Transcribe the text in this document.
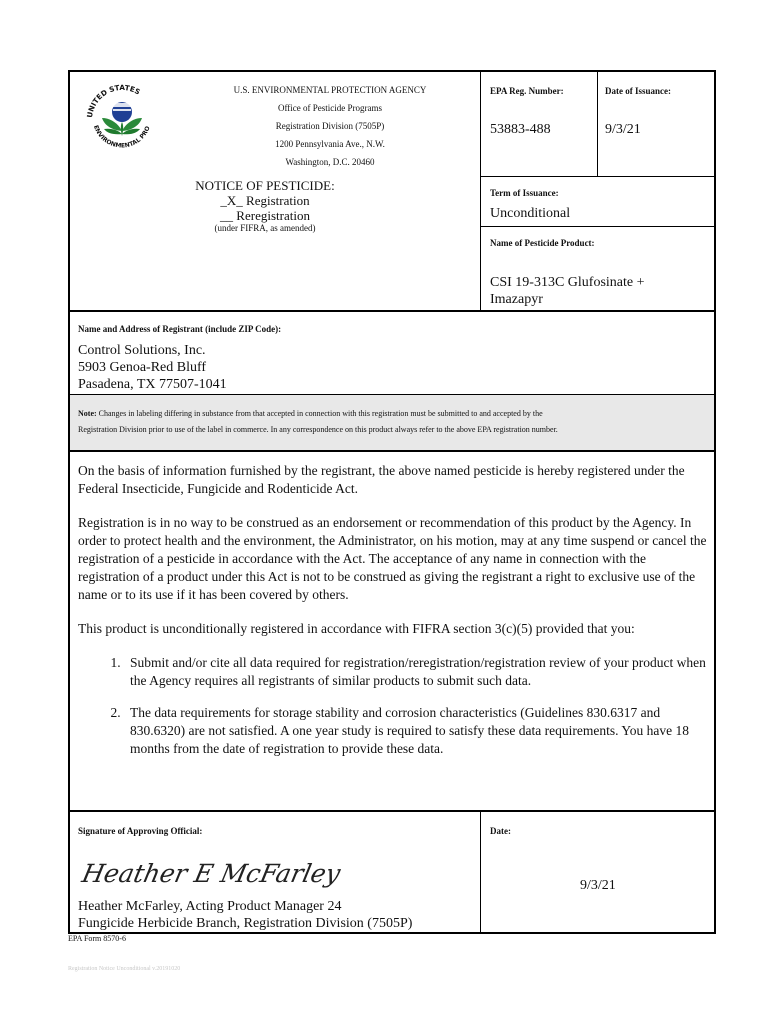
UNITED STATES
ENVIRONMENTAL PRO
U.S. ENVIRONMENTAL PROTECTION AGENCY
Office of Pesticide Programs
Registration Division (7505P)
1200 Pennsylvania Ave., N.W.
Washington, D.C. 20460
NOTICE OF PESTICIDE:
_X_ Registration
__ Reregistration
(under FIFRA, as amended)
EPA Reg. Number:
53883-488
Date of Issuance:
9/3/21
Term of Issuance:
Unconditional
Name of Pesticide Product:
CSI 19-313C Glufosinate +
Imazapyr
Name and Address of Registrant (include ZIP Code):
Control Solutions, Inc.
5903 Genoa-Red Bluff
Pasadena, TX 77507-1041
Note: Changes in labeling differing in substance from that accepted in connection with this registration must be submitted to and accepted by the
Registration Division prior to use of the label in commerce. In any correspondence on this product always refer to the above EPA registration number.

On the basis of information furnished by the registrant, the above named pesticide is hereby registered under the Federal Insecticide, Fungicide and Rodenticide Act.

Registration is in no way to be construed as an endorsement or recommendation of this product by the Agency. In order to protect health and the environment, the Administrator, on his motion, may at any time suspend or cancel the registration of a pesticide in accordance with the Act. The acceptance of any name in connection with the registration of a product under this Act is not to be construed as giving the registrant a right to exclusive use of the name or to its use if it has been covered by others.

This product is unconditionally registered in accordance with FIFRA section 3(c)(5) provided that you:

1. Submit and/or cite all data required for registration/reregistration/registration review of your product when the Agency requires all registrants of similar products to submit such data.
2. The data requirements for storage stability and corrosion characteristics (Guidelines 830.6317 and 830.6320) are not satisfied. A one year study is required to satisfy these data requirements. You have 18 months from the date of registration to provide these data.
Signature of Approving Official:
Heather E McFarley
Heather McFarley, Acting Product Manager 24
Fungicide Herbicide Branch, Registration Division (7505P)
Date:
9/3/21
EPA Form 8570-6
Registration Notice Unconditional v.20191020
